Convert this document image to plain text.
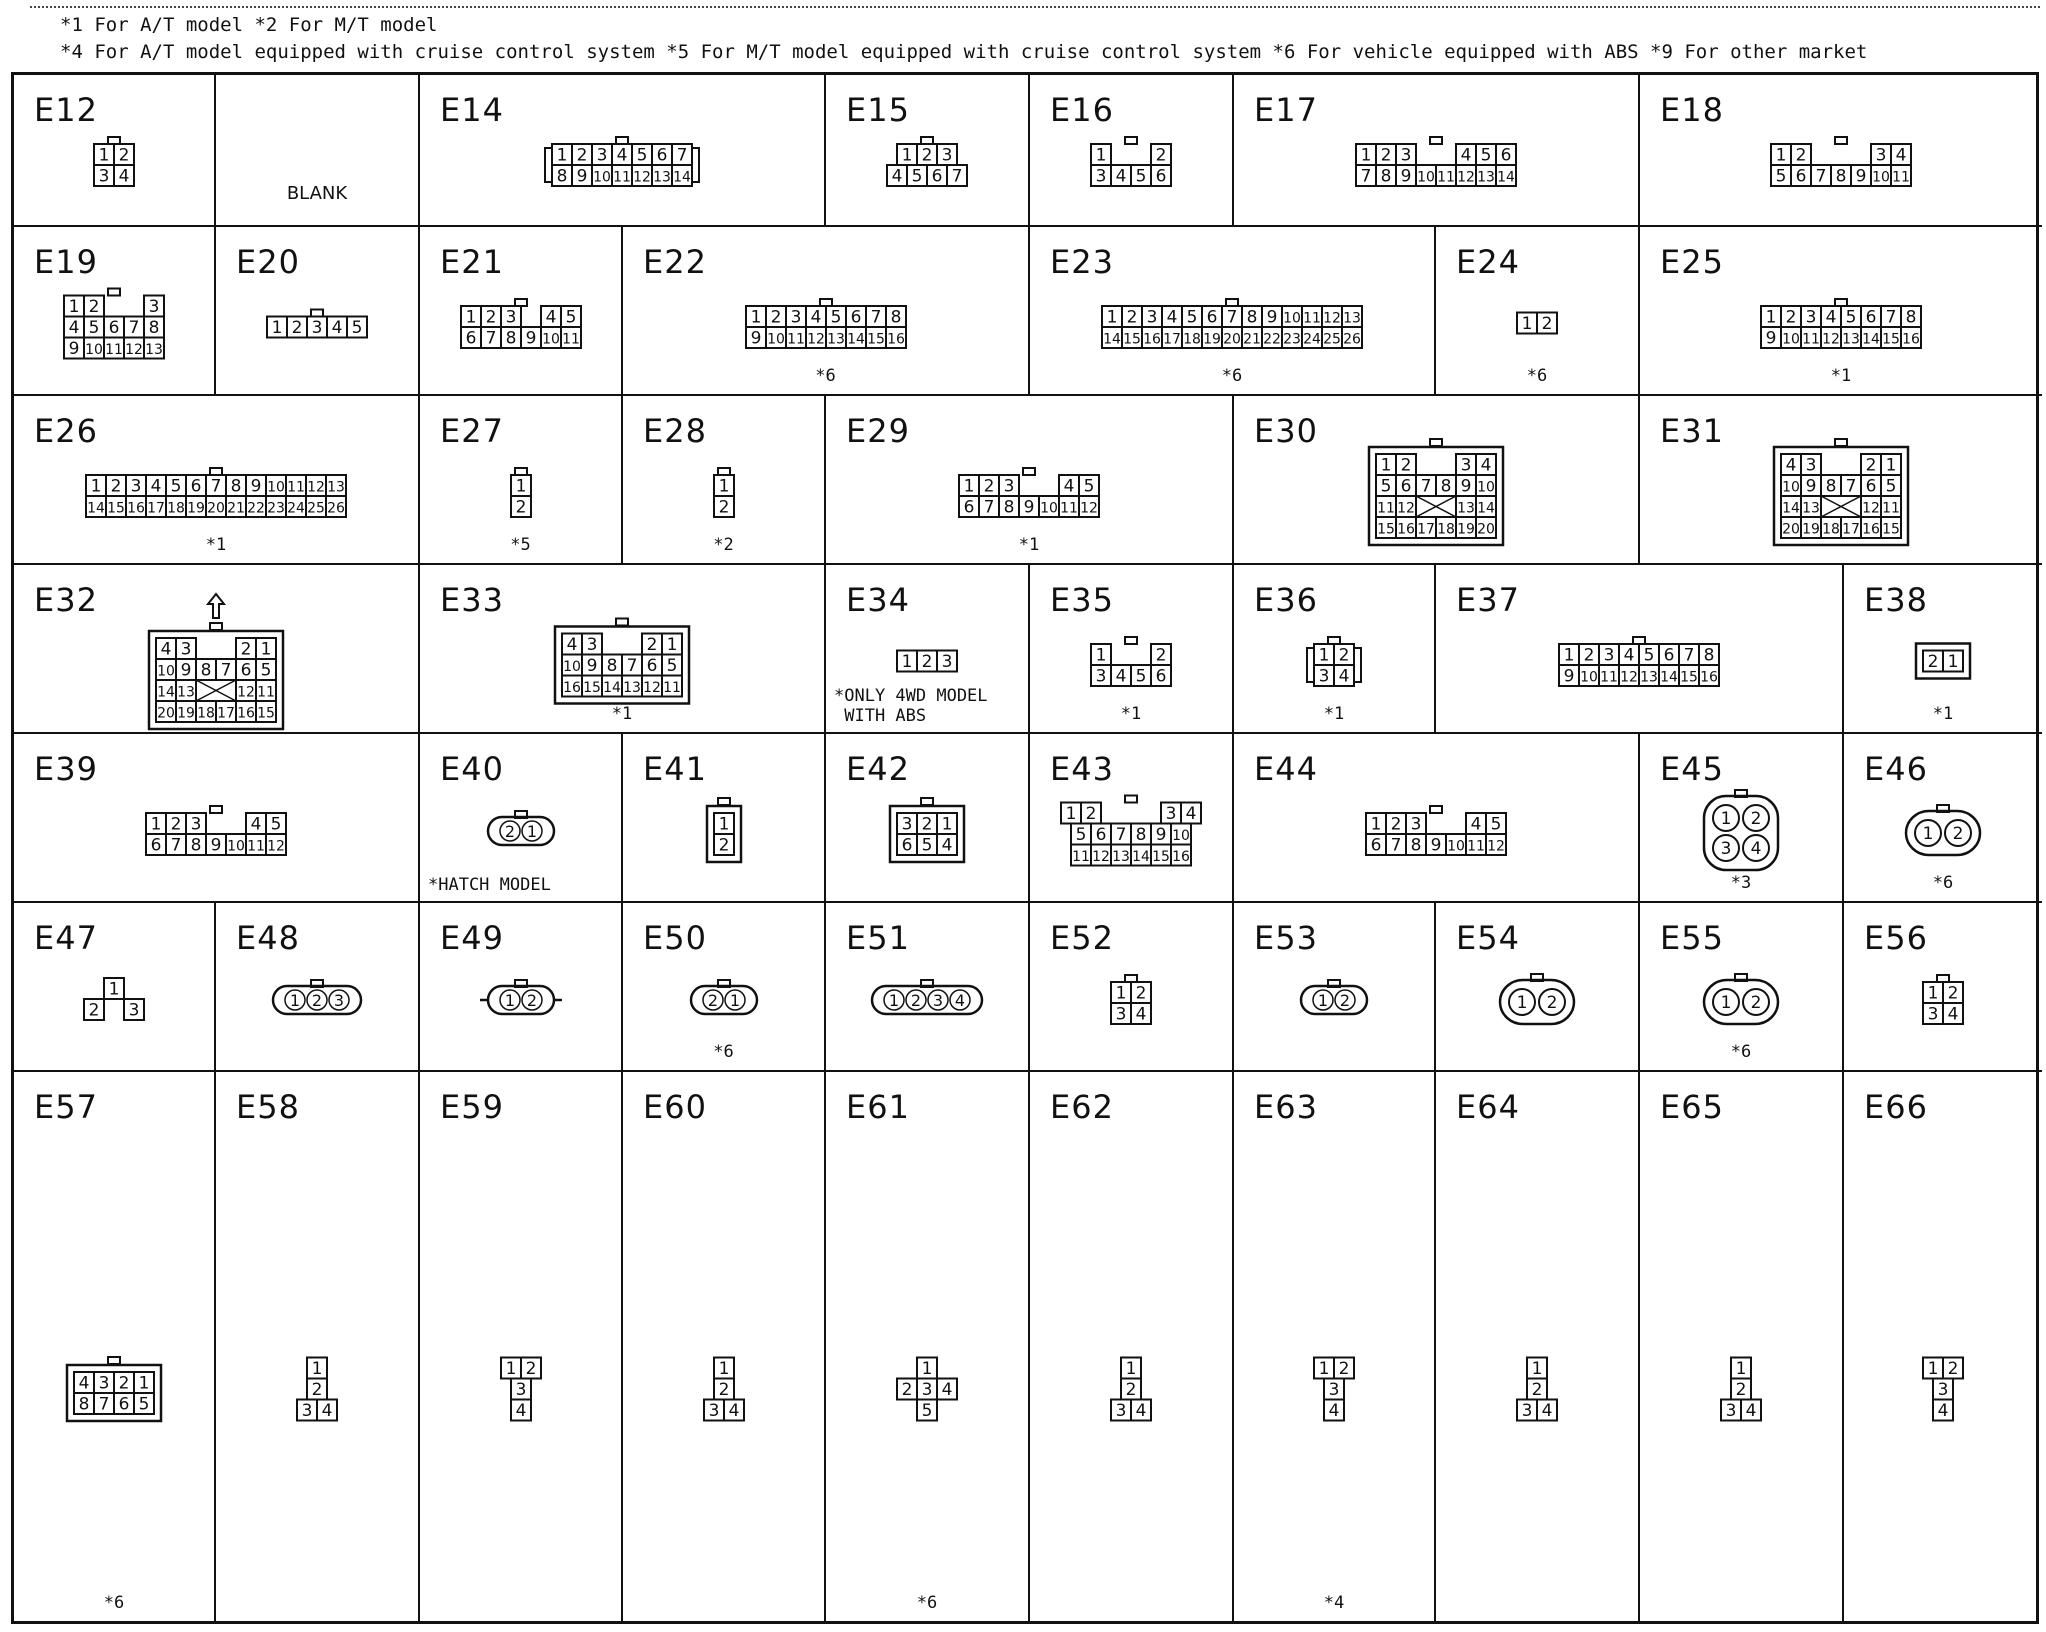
*1 For A/T model *2 For M/T model
*4 For A/T model equipped with cruise control system *5 For M/T model equipped with cruise control system *6 For vehicle equipped with ABS *9 For other market
E12
1 2
3 4
BLANK
E14
1 2 3 4 5 6 7
8 9 10 11 12 13 14
E15
1 2 3
4 5 6 7
E16
1	2
3 4 5 6
E17
1 2 3	4 5 6
7 8 9 10 11 12 13 14
E18
1 2	3 4
5 6 7 8 9 10 11
E19
1 2	3
4 5 6 7 8
9 10 11 12 13
E20
1 2 3 4 5
E21
1 2 3 4 5
6 7 8 9 10 11
E22
1 2 3 4 5 6 7 8
9 10 11 12 13 14 15 16
*6
E23
1 2 3 4 5 6 7 8 9 10 11 12 13
14 15 16 17 18 19 20 21 22 23 24 25 26
*6
E24
1 2
*6
E25
1 2 3 4 5 6 7 8
9 10 11 12 13 14 15 16
*1
E26
1 2 3 4 5 6 7 8 9 10 11 12 13
14 15 16 17 18 19 20 21 22 23 24 25 26
*1
E27
1
2
*5
E28
1
2
*2
E29
1 2 3	4 5
6 7 8 9 10 11 12
*1
E30
1 2	3 4
5 6 7 8 9 10
11 12	13 14
15 16 17 18 19 20
E31
4 3	2 1
10 9 8 7 6 5
14 13	12 11
20 19 18 17 16 15
E32
4 3	2 1
10 9 8 7 6 5
14 13	12 11
20 19 18 17 16 15
E33
4 3	2 1
10 9 8 7 6 5
16 15 14 13 12 11
*1
E34
1 2 3
*ONLY 4WD MODEL
WITH ABS
E35
1	2
3 4 5 6
*1
E36
1 2
3 4
*1
E37
1 2 3 4 5 6 7 8
9 10 11 12 13 14 15 16
E38
2 1
*1
E39
1 2 3	4 5
6 7 8 9 10 11 12
E40
2 1
*HATCH MODEL
E41
1
2
E42
3 2 1
6 5 4
E43
1 2	3 4
5 6 7 8 9 10
11 12 13 14 15 16
E44
1 2 3	4 5
6 7 8 9 10 11 12
E45
1 2
3 4
*3
E46
1 2
*6
E47
1
2 3
E48
1 2 3
E49
1 2
E50
2 1
*6
E51
1 2 3 4
E52
1 2
3 4
E53
1 2
E54
1 2
E55
1 2
*6
E56
1 2
3 4
E57
4 3 2 1
8 7 6 5
*6
E58
1
2
3 4
E59
1 2
3
4
E60
1
2
3 4
E61
1
2 3 4
5
*6
E62
1
2
3 4
E63
1 2
3
4
*4
E64
1
2
3 4
E65
1
2
3 4
E66
1 2
3
4
